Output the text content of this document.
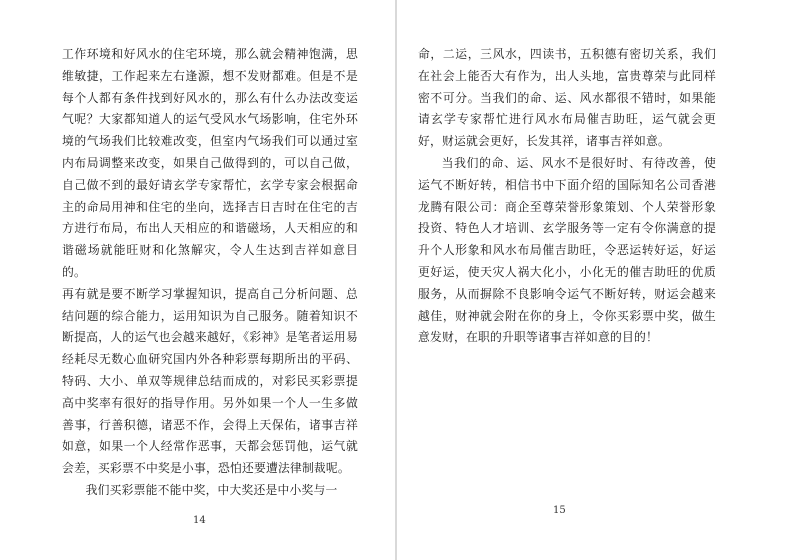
工作环境和好风水的住宅环境，那么就会精神饱满，思维敏捷，工作起来左右逢源，想不发财都难。但是不是每个人都有条件找到好风水的，那么有什么办法改变运气呢？大家都知道人的运气受风水气场影响，住宅外环境的气场我们比较难改变，但室内气场我们可以通过室内布局调整来改变，如果自己做得到的，可以自己做，自己做不到的最好请玄学专家帮忙，玄学专家会根据命主的命局用神和住宅的坐向，选择吉日吉时在住宅的吉方进行布局，布出人天相应的和谐磁场，人天相应的和谐磁场就能旺财和化煞解灾，令人生达到吉祥如意目的。

再有就是要不断学习掌握知识，提高自己分析问题、总结问题的综合能力，运用知识为自己服务。随着知识不断提高，人的运气也会越来越好，《彩神》是笔者运用易经耗尽无数心血研究国内外各种彩票每期所出的平码、特码、大小、单双等规律总结而成的，对彩民买彩票提高中奖率有很好的指导作用。另外如果一个人一生多做善事，行善积德，诸恶不作，会得上天保佑，诸事吉祥如意，如果一个人经常作恶事，天都会惩罚他，运气就会差，买彩票不中奖是小事，恐怕还要遭法律制裁呢。

我们买彩票能不能中奖，中大奖还是中小奖与一

14

命，二运，三风水，四读书，五积德有密切关系，我们在社会上能否大有作为，出人头地，富贵尊荣与此同样密不可分。当我们的命、运、风水都很不错时，如果能请玄学专家帮忙进行风水布局催吉助旺，运气就会更好，财运就会更好，长发其祥，诸事吉祥如意。

当我们的命、运、风水不是很好时、有待改善，使运气不断好转，相信书中下面介绍的国际知名公司香港龙腾有限公司：商企至尊荣誉形象策划、个人荣誉形象投资、特色人才培训、玄学服务等一定有令你满意的提升个人形象和风水布局催吉助旺，令恶运转好运，好运更好运，使天灾人祸大化小，小化无的催吉助旺的优质服务，从而摒除不良影响令运气不断好转，财运会越来越佳，财神就会附在你的身上，令你买彩票中奖，做生意发财，在职的升职等诸事吉祥如意的目的！

15
